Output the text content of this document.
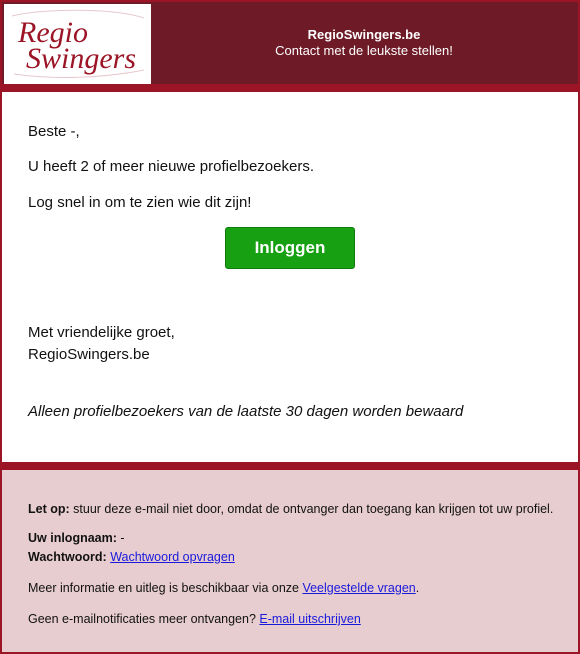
Regio
Swingers
RegioSwingers.be
Contact met de leukste stellen!

Beste -,

U heeft 2 of meer nieuwe profielbezoekers.

Log snel in om te zien wie dit zijn!

Inloggen

Met vriendelijke groet,

RegioSwingers.be

Alleen profielbezoekers van de laatste 30 dagen worden bewaard

Let op: stuur deze e-mail niet door, omdat de ontvanger dan toegang kan krijgen tot uw profiel.

Uw inlognaam: -

Wachtwoord: Wachtwoord opvragen

Meer informatie en uitleg is beschikbaar via onze Veelgestelde vragen.

Geen e-mailnotificaties meer ontvangen? E-mail uitschrijven
